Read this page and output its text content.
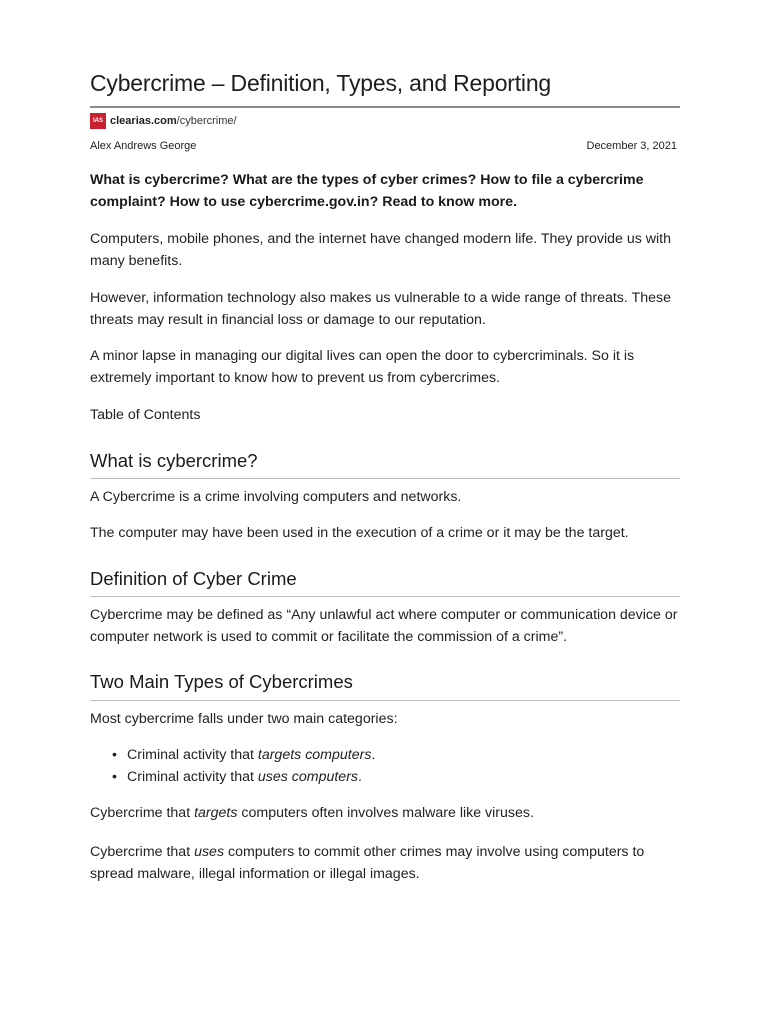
Cybercrime – Definition, Types, and Reporting
IAS clearias.com /cybercrime/
Alex Andrews George	December 3, 2021

What is cybercrime? What are the types of cyber crimes? How to file a cybercrime complaint? How to use cybercrime.gov.in? Read to know more.

Computers, mobile phones, and the internet have changed modern life. They provide us with many benefits.

However, information technology also makes us vulnerable to a wide range of threats. These threats may result in financial loss or damage to our reputation.

A minor lapse in managing our digital lives can open the door to cybercriminals. So it is extremely important to know how to prevent us from cybercrimes.

Table of Contents

What is cybercrime?

A Cybercrime is a crime involving computers and networks.

The computer may have been used in the execution of a crime or it may be the target.

Definition of Cyber Crime

Cybercrime may be defined as “Any unlawful act where computer or communication device or computer network is used to commit or facilitate the commission of a crime”.

Two Main Types of Cybercrimes

Most cybercrime falls under two main categories:

• Criminal activity that targets computers.
• Criminal activity that uses computers.

Cybercrime that targets computers often involves malware like viruses.

Cybercrime that uses computers to commit other crimes may involve using computers to spread malware, illegal information or illegal images.
